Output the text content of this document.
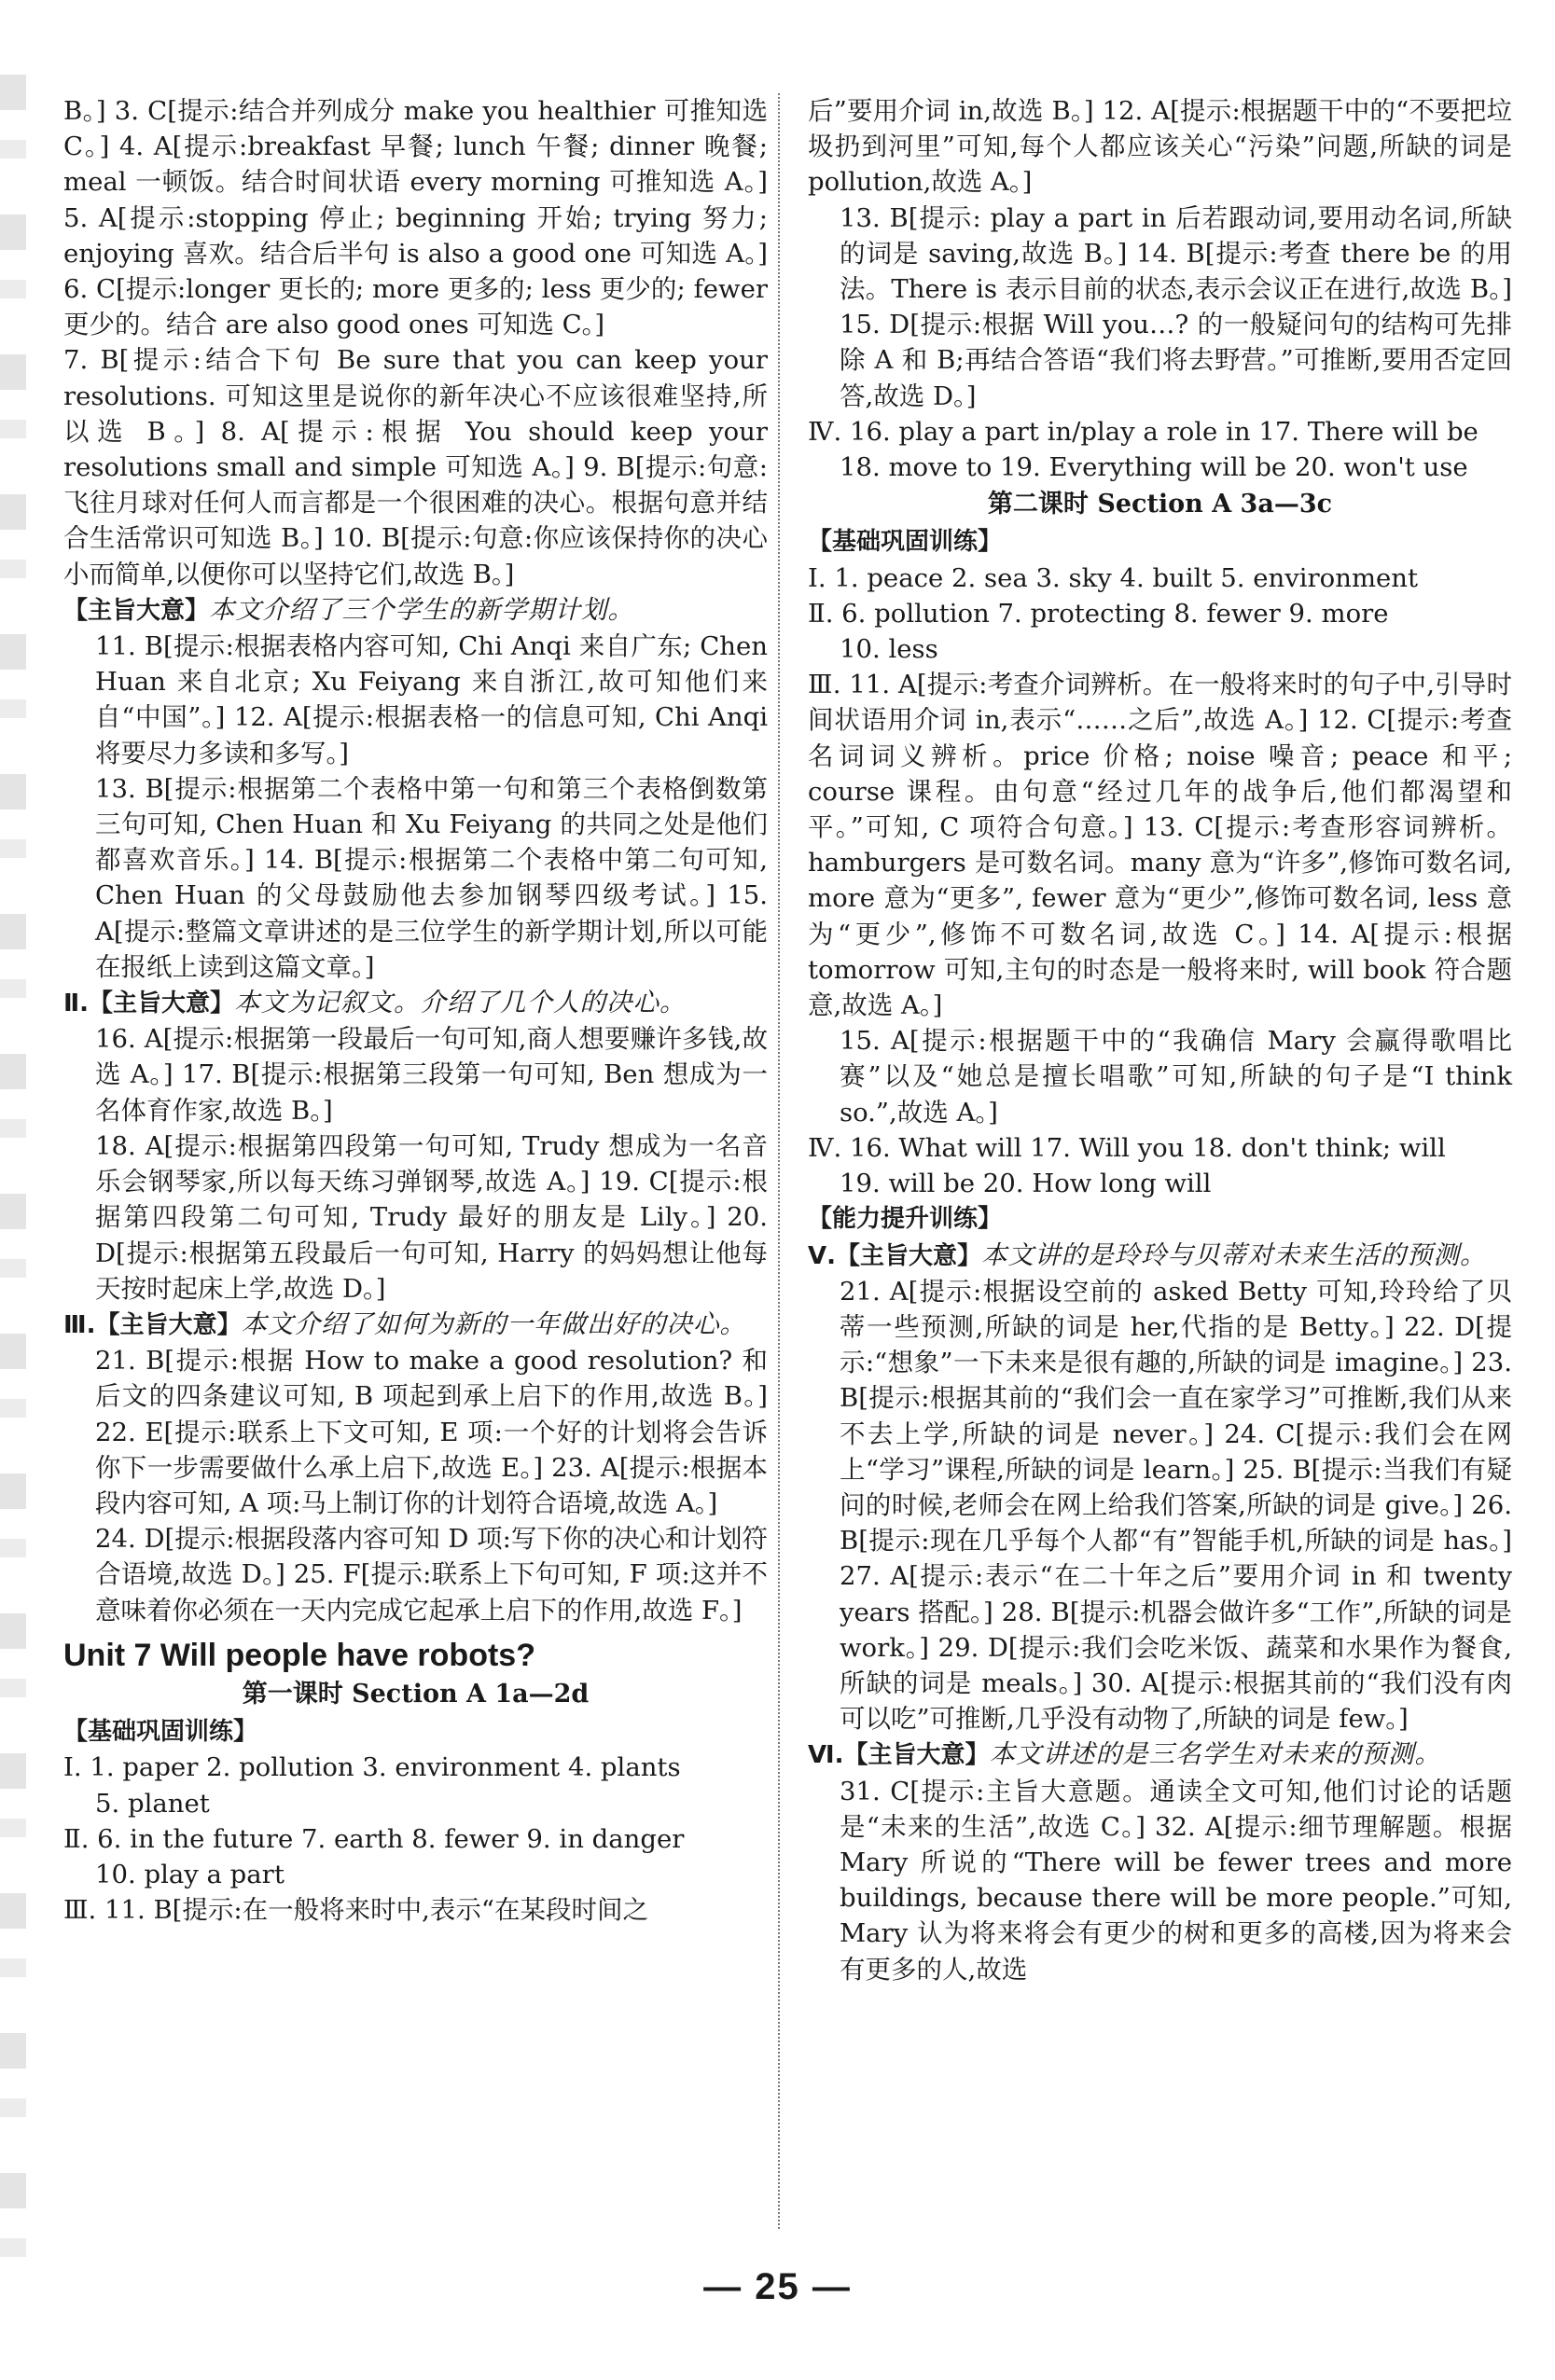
B。] 3. C[提示:结合并列成分 make you healthier 可推知选 C。] 4. A[提示:breakfast 早餐; lunch 午餐; dinner 晚餐; meal 一顿饭。结合时间状语 every morning 可推知选 A。] 5. A[提示:stopping 停止; beginning 开始; trying 努力; enjoying 喜欢。结合后半句 is also a good one 可知选 A。] 6. C[提示:longer 更长的; more 更多的; less 更少的; fewer 更少的。结合 are also good ones 可知选 C。]

7. B[提示:结合下句 Be sure that you can keep your resolutions. 可知这里是说你的新年决心不应该很难坚持,所以选 B。] 8. A[提示:根据 You should keep your resolutions small and simple 可知选 A。] 9. B[提示:句意:飞往月球对任何人而言都是一个很困难的决心。根据句意并结合生活常识可知选 B。] 10. B[提示:句意:你应该保持你的决心小而简单,以便你可以坚持它们,故选 B。]

【主旨大意】本文介绍了三个学生的新学期计划。

11. B[提示:根据表格内容可知, Chi Anqi 来自广东; Chen Huan 来自北京; Xu Feiyang 来自浙江,故可知他们来自“中国”。] 12. A[提示:根据表格一的信息可知, Chi Anqi 将要尽力多读和多写。]

13. B[提示:根据第二个表格中第一句和第三个表格倒数第三句可知, Chen Huan 和 Xu Feiyang 的共同之处是他们都喜欢音乐。] 14. B[提示:根据第二个表格中第二句可知, Chen Huan 的父母鼓励他去参加钢琴四级考试。] 15. A[提示:整篇文章讲述的是三位学生的新学期计划,所以可能在报纸上读到这篇文章。]

Ⅱ.【主旨大意】本文为记叙文。介绍了几个人的决心。

16. A[提示:根据第一段最后一句可知,商人想要赚许多钱,故选 A。] 17. B[提示:根据第三段第一句可知, Ben 想成为一名体育作家,故选 B。]

18. A[提示:根据第四段第一句可知, Trudy 想成为一名音乐会钢琴家,所以每天练习弹钢琴,故选 A。] 19. C[提示:根据第四段第二句可知, Trudy 最好的朋友是 Lily。] 20. D[提示:根据第五段最后一句可知, Harry 的妈妈想让他每天按时起床上学,故选 D。]

Ⅲ.【主旨大意】本文介绍了如何为新的一年做出好的决心。

21. B[提示:根据 How to make a good resolution? 和后文的四条建议可知, B 项起到承上启下的作用,故选 B。] 22. E[提示:联系上下文可知, E 项:一个好的计划将会告诉你下一步需要做什么承上启下,故选 E。] 23. A[提示:根据本段内容可知, A 项:马上制订你的计划符合语境,故选 A。]

24. D[提示:根据段落内容可知 D 项:写下你的决心和计划符合语境,故选 D。] 25. F[提示:联系上下句可知, F 项:这并不意味着你必须在一天内完成它起承上启下的作用,故选 F。]

Unit 7 Will people have robots?

第一课时 Section A 1a—2d

【基础巩固训练】

Ⅰ. 1. paper 2. pollution 3. environment 4. plants

5. planet

Ⅱ. 6. in the future 7. earth 8. fewer 9. in danger

10. play a part

Ⅲ. 11. B[提示:在一般将来时中,表示“在某段时间之

后”要用介词 in,故选 B。] 12. A[提示:根据题干中的“不要把垃圾扔到河里”可知,每个人都应该关心“污染”问题,所缺的词是 pollution,故选 A。]

13. B[提示: play a part in 后若跟动词,要用动名词,所缺的词是 saving,故选 B。] 14. B[提示:考查 there be 的用法。There is 表示目前的状态,表示会议正在进行,故选 B。] 15. D[提示:根据 Will you…? 的一般疑问句的结构可先排除 A 和 B;再结合答语“我们将去野营。”可推断,要用否定回答,故选 D。]

Ⅳ. 16. play a part in/play a role in 17. There will be

18. move to 19. Everything will be 20. won't use

第二课时 Section A 3a—3c

【基础巩固训练】

Ⅰ. 1. peace 2. sea 3. sky 4. built 5. environment

Ⅱ. 6. pollution 7. protecting 8. fewer 9. more

10. less

Ⅲ. 11. A[提示:考查介词辨析。在一般将来时的句子中,引导时间状语用介词 in,表示“……之后”,故选 A。] 12. C[提示:考查名词词义辨析。price 价格; noise 噪音; peace 和平; course 课程。由句意“经过几年的战争后,他们都渴望和平。”可知, C 项符合句意。] 13. C[提示:考查形容词辨析。hamburgers 是可数名词。many 意为“许多”,修饰可数名词, more 意为“更多”, fewer 意为“更少”,修饰可数名词, less 意为“更少”,修饰不可数名词,故选 C。] 14. A[提示:根据 tomorrow 可知,主句的时态是一般将来时, will book 符合题意,故选 A。]

15. A[提示:根据题干中的“我确信 Mary 会赢得歌唱比赛”以及“她总是擅长唱歌”可知,所缺的句子是“I think so.”,故选 A。]

Ⅳ. 16. What will 17. Will you 18. don't think; will

19. will be 20. How long will

【能力提升训练】

Ⅴ.【主旨大意】本文讲的是玲玲与贝蒂对未来生活的预测。

21. A[提示:根据设空前的 asked Betty 可知,玲玲给了贝蒂一些预测,所缺的词是 her,代指的是 Betty。] 22. D[提示:“想象”一下未来是很有趣的,所缺的词是 imagine。] 23. B[提示:根据其前的“我们会一直在家学习”可推断,我们从来不去上学,所缺的词是 never。] 24. C[提示:我们会在网上“学习”课程,所缺的词是 learn。] 25. B[提示:当我们有疑问的时候,老师会在网上给我们答案,所缺的词是 give。] 26. B[提示:现在几乎每个人都“有”智能手机,所缺的词是 has。] 27. A[提示:表示“在二十年之后”要用介词 in 和 twenty years 搭配。] 28. B[提示:机器会做许多“工作”,所缺的词是 work。] 29. D[提示:我们会吃米饭、蔬菜和水果作为餐食,所缺的词是 meals。] 30. A[提示:根据其前的“我们没有肉可以吃”可推断,几乎没有动物了,所缺的词是 few。]

Ⅵ.【主旨大意】本文讲述的是三名学生对未来的预测。

31. C[提示:主旨大意题。通读全文可知,他们讨论的话题是“未来的生活”,故选 C。] 32. A[提示:细节理解题。根据 Mary 所说的“There will be fewer trees and more buildings, because there will be more people.”可知, Mary 认为将来将会有更少的树和更多的高楼,因为将来会有更多的人,故选

— 25 —
